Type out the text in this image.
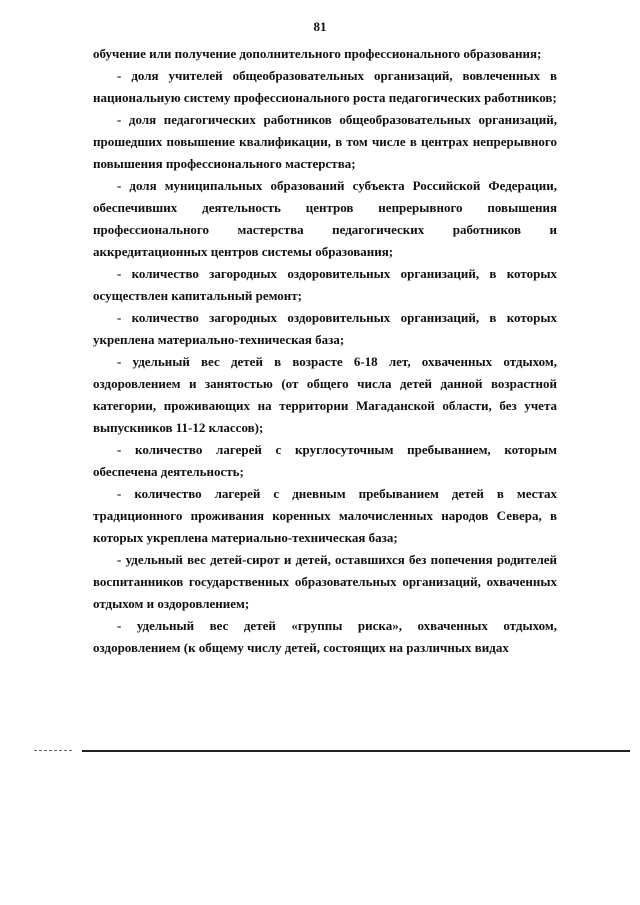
81

обучение или получение дополнительного профессионального образования;

- доля учителей общеобразовательных организаций, вовлеченных в национальную систему профессионального роста педагогических работников;

- доля педагогических работников общеобразовательных организаций, прошедших повышение квалификации, в том числе в центрах непрерывного повышения профессионального мастерства;

- доля муниципальных образований субъекта Российской Федерации, обеспечивших деятельность центров непрерывного повышения профессионального мастерства педагогических работников и аккредитационных центров системы образования;

- количество загородных оздоровительных организаций, в которых осуществлен капитальный ремонт;

- количество загородных оздоровительных организаций, в которых укреплена материально-техническая база;

- удельный вес детей в возрасте 6-18 лет, охваченных отдыхом, оздоровлением и занятостью (от общего числа детей данной возрастной категории, проживающих на территории Магаданской области, без учета выпускников 11-12 классов);

- количество лагерей с круглосуточным пребыванием, которым обеспечена деятельность;

- количество лагерей с дневным пребыванием детей в местах традиционного проживания коренных малочисленных народов Севера, в которых укреплена материально-техническая база;

- удельный вес детей-сирот и детей, оставшихся без попечения родителей воспитанников государственных образовательных организаций, охваченных отдыхом и оздоровлением;

- удельный вес детей «группы риска», охваченных отдыхом, оздоровлением (к общему числу детей, состоящих на различных видах
